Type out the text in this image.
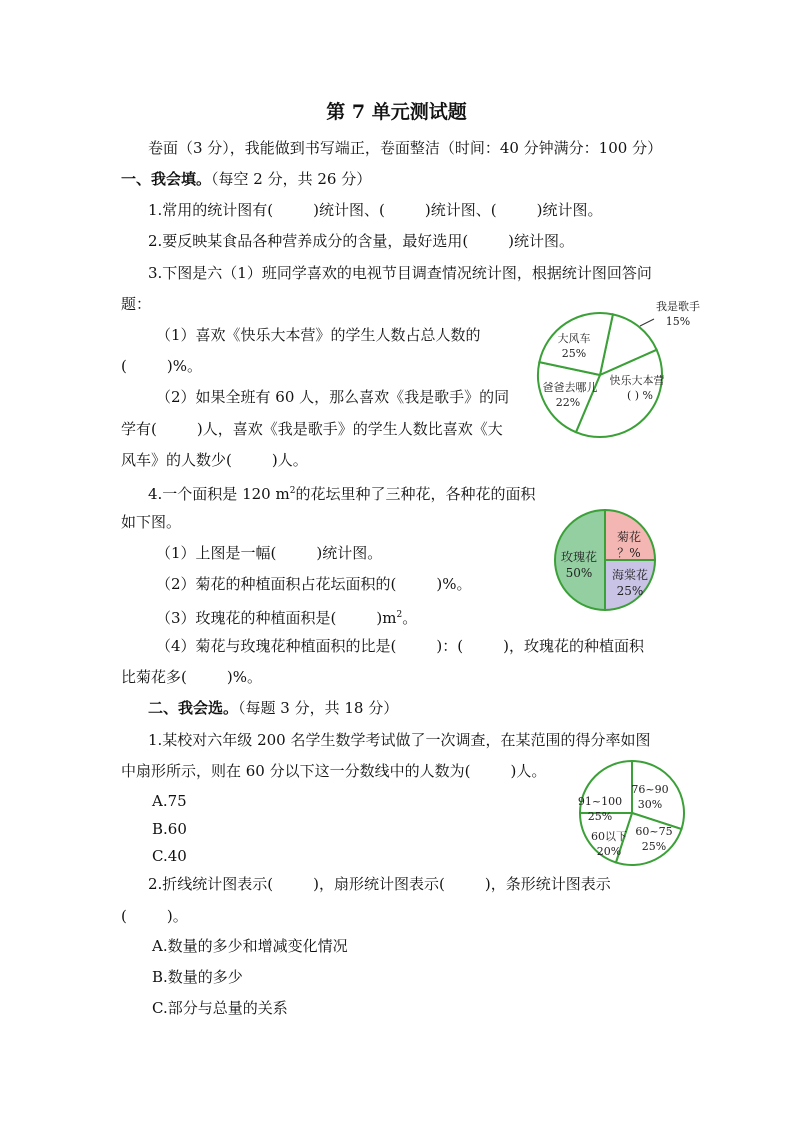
第 7 单元测试题
卷面（3 分），我能做到书写端正，卷面整洁（时间：40 分钟满分：100 分）
一、我会填。（每空 2 分，共 26 分）
1.常用的统计图有(	)统计图、(	)统计图、(	)统计图。
2.要反映某食品各种营养成分的含量，最好选用(	)统计图。
3.下图是六（1）班同学喜欢的电视节目调查情况统计图，根据统计图回答问
题：
（1）喜欢《快乐大本营》的学生人数占总人数的
(	)%。
（2）如果全班有 60 人，那么喜欢《我是歌手》的同
学有(	)人，喜欢《我是歌手》的学生人数比喜欢《大
风车》的人数少(	)人。
4.一个面积是 120 $m^2$的花坛里种了三种花，各种花的面积
如下图。
（1）上图是一幅(	)统计图。
（2）菊花的种植面积占花坛面积的(	)%。
（3）玫瑰花的种植面积是(	)$m^2$。
（4）菊花与玫瑰花种植面积的比是(	)：(	)，玫瑰花的种植面积
比菊花多(	)%。
二、我会选。（每题 3 分，共 18 分）
1.某校对六年级 200 名学生数学考试做了一次调查，在某范围的得分率如图
中扇形所示，则在 60 分以下这一分数线中的人数为(	)人。
A.75
B.60
C.40
2.折线统计图表示(	)，扇形统计图表示(	)，条形统计图表示
(	)。
A.数量的多少和增减变化情况
B.数量的多少
C.部分与总量的关系
我是歌手
15%
快乐大本营
( ) %
爸爸去哪儿
22%
大风车
25%
菊花
？%
海棠花
25%
玫瑰花
50%
76~90
30%
60~75
25%
60以下
20%
91~100
25%
